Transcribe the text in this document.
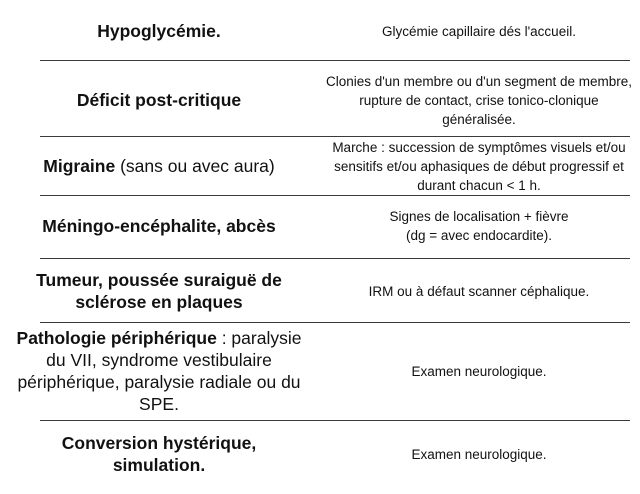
Hypoglycémie.	Glycémie capillaire dés l'accueil.
Déficit post-critique
Clonies d'un membre ou d'un segment de membre, rupture de contact, crise tonico-clonique généralisée.
Migraine (sans ou avec aura)
Marche : succession de symptômes visuels et/ou sensitifs et/ou aphasiques de début progressif et durant chacun < 1 h.
Méningo-encéphalite, abcès	Signes de localisation + fièvre (dg = avec endocardite).
Tumeur, poussée suraiguë de sclérose en plaques
IRM ou à défaut scanner céphalique.
Pathologie périphérique : paralysie du VII, syndrome vestibulaire périphérique, paralysie radiale ou du SPE.
Examen neurologique.
Conversion hystérique, simulation.
Examen neurologique.
